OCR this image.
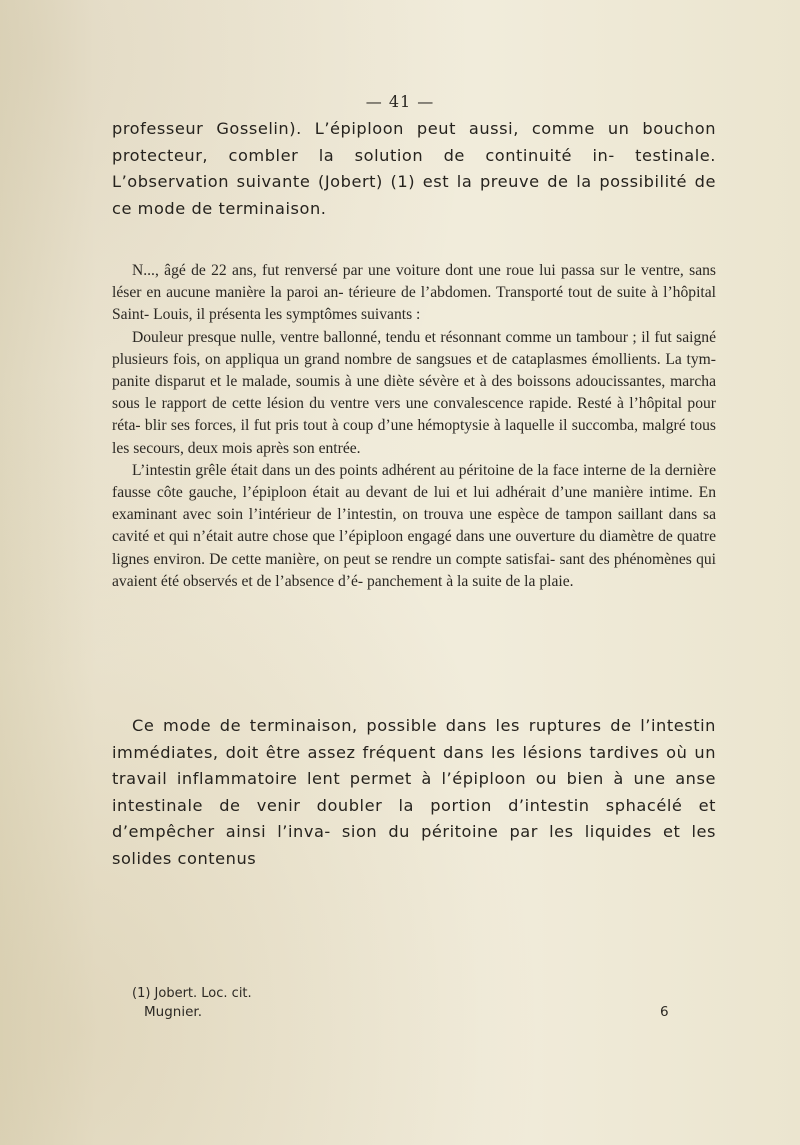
— 41 —
professeur Gosselin). L’épiploon peut aussi, comme un bouchon protecteur, combler la solution de continuité in- testinale. L’observation suivante (Jobert) (1) est la preuve de la possibilité de ce mode de terminaison.

N..., âgé de 22 ans, fut renversé par une voiture dont une roue lui passa sur le ventre, sans léser en aucune manière la paroi an- térieure de l’abdomen. Transporté tout de suite à l’hôpital Saint- Louis, il présenta les symptômes suivants :

Douleur presque nulle, ventre ballonné, tendu et résonnant comme un tambour ; il fut saigné plusieurs fois, on appliqua un grand nombre de sangsues et de cataplasmes émollients. La tym- panite disparut et le malade, soumis à une diète sévère et à des boissons adoucissantes, marcha sous le rapport de cette lésion du ventre vers une convalescence rapide. Resté à l’hôpital pour réta- blir ses forces, il fut pris tout à coup d’une hémoptysie à laquelle il succomba, malgré tous les secours, deux mois après son entrée.

L’intestin grêle était dans un des points adhérent au péritoine de la face interne de la dernière fausse côte gauche, l’épiploon était au devant de lui et lui adhérait d’une manière intime. En examinant avec soin l’intérieur de l’intestin, on trouva une espèce de tampon saillant dans sa cavité et qui n’était autre chose que l’épiploon engagé dans une ouverture du diamètre de quatre lignes environ. De cette manière, on peut se rendre un compte satisfai- sant des phénomènes qui avaient été observés et de l’absence d’é- panchement à la suite de la plaie.

Ce mode de terminaison, possible dans les ruptures de l’intestin immédiates, doit être assez fréquent dans les lésions tardives où un travail inflammatoire lent permet à l’épiploon ou bien à une anse intestinale de venir doubler la portion d’intestin sphacélé et d’empêcher ainsi l’inva- sion du péritoine par les liquides et les solides contenus
(1) Jobert. Loc. cit.
Mugnier.	6
